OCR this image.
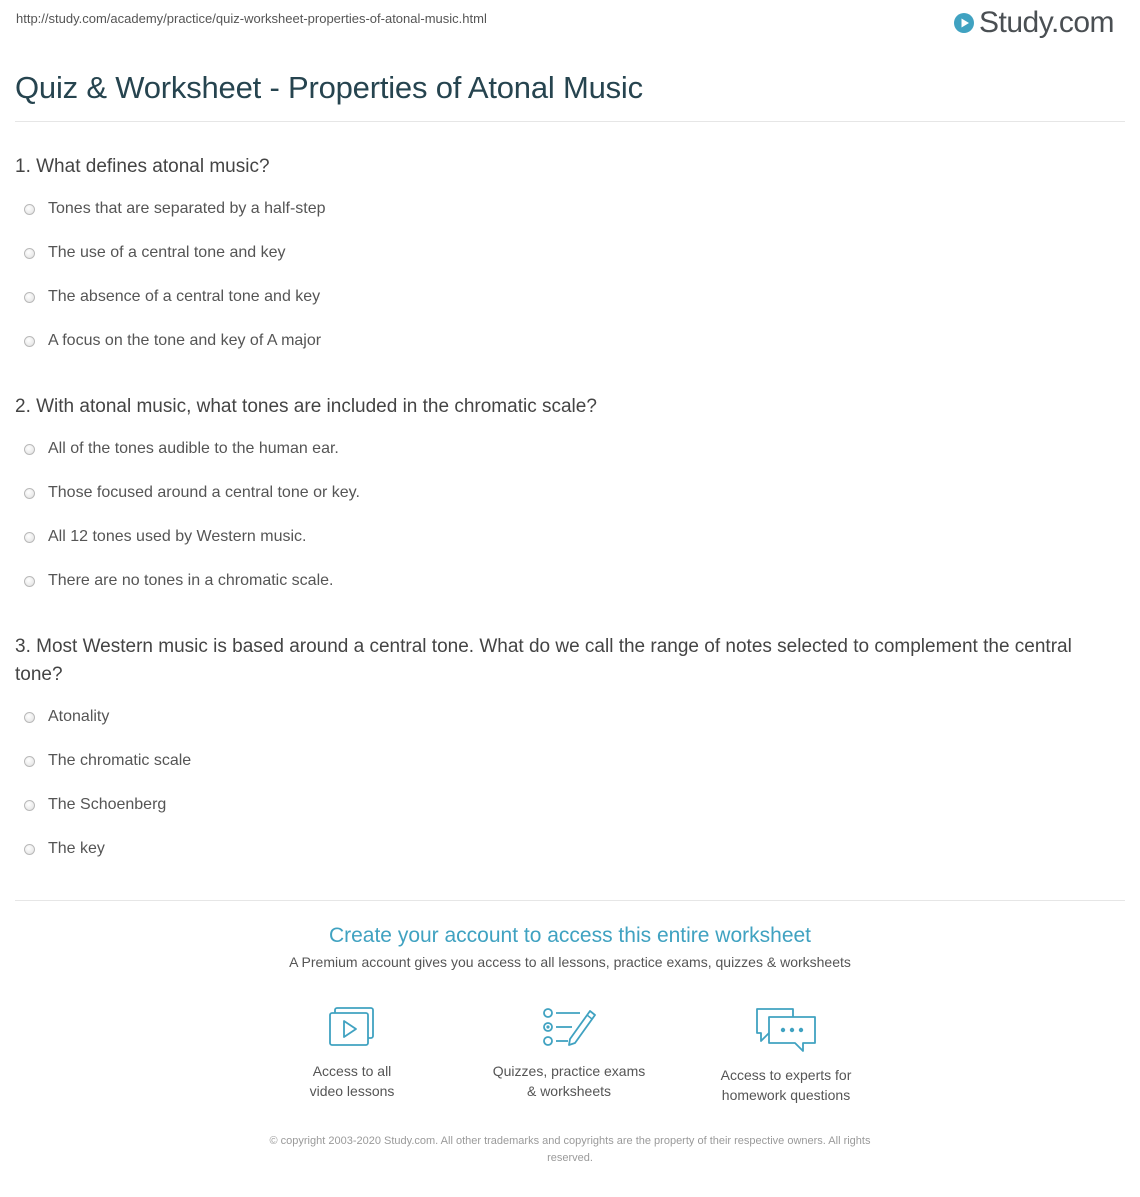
http://study.com/academy/practice/quiz-worksheet-properties-of-atonal-music.html	Study.com
Quiz & Worksheet - Properties of Atonal Music
1. What defines atonal music?
Tones that are separated by a half-step
The use of a central tone and key
The absence of a central tone and key
A focus on the tone and key of A major
2. With atonal music, what tones are included in the chromatic scale?
All of the tones audible to the human ear.
Those focused around a central tone or key.
All 12 tones used by Western music.
There are no tones in a chromatic scale.
3. Most Western music is based around a central tone. What do we call the range of notes selected to complement the central tone?
Atonality
The chromatic scale
The Schoenberg
The key
Create your account to access this entire worksheet
A Premium account gives you access to all lessons, practice exams, quizzes & worksheets
Access to all
video lessons
Quizzes, practice exams
& worksheets
Access to experts for
homework questions
© copyright 2003-2020 Study.com. All other trademarks and copyrights are the property of their respective owners. All rights
reserved.
